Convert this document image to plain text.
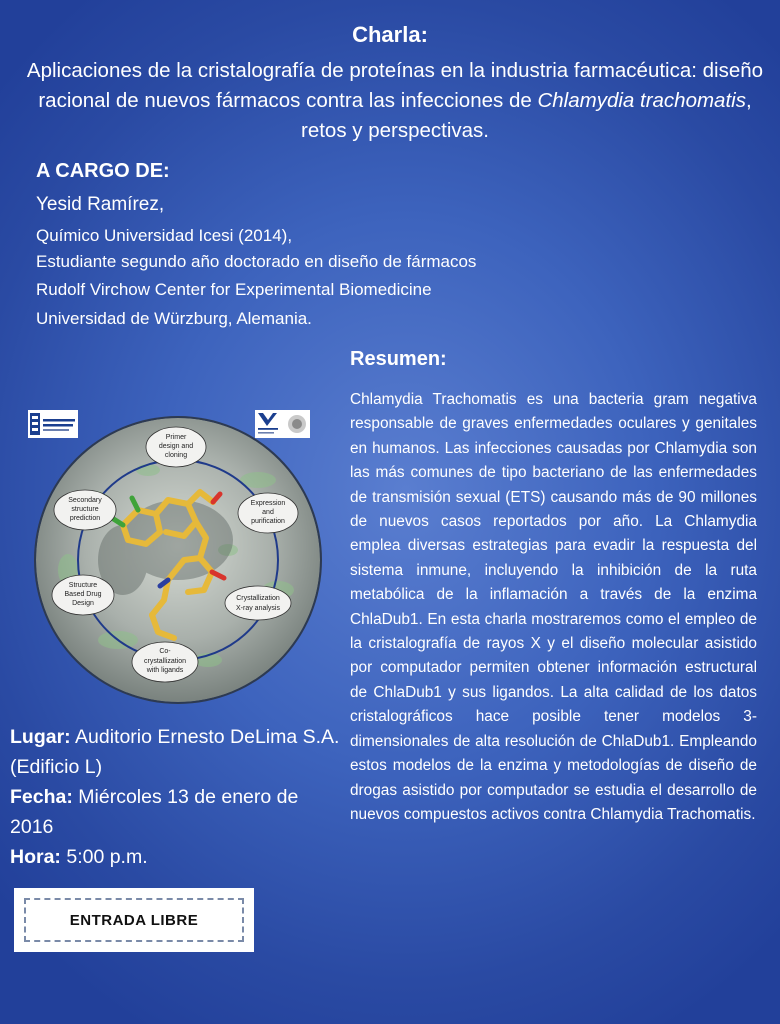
Charla:
Aplicaciones de la cristalografía de proteínas en la industria farmacéutica: diseño racional de nuevos fármacos contra las infecciones de Chlamydia trachomatis, retos y perspectivas.
A CARGO DE:
Yesid Ramírez,
Químico Universidad Icesi (2014),
Estudiante segundo año doctorado en diseño de fármacos
Rudolf Virchow Center for Experimental Biomedicine
Universidad de Würzburg, Alemania.
Resumen:
Chlamydia Trachomatis es una bacteria gram negativa responsable de graves enfermedades oculares y genitales en humanos. Las infecciones causadas por Chlamydia son las más comunes de tipo bacteriano de las enfermedades de transmisión sexual (ETS) causando más de 90 millones de nuevos casos reportados por año. La Chlamydia emplea diversas estrategias para evadir la respuesta del sistema inmune, incluyendo la inhibición de la ruta metabólica de la inflamación a través de la enzima ChlaDub1. En esta charla mostraremos como el empleo de la cristalografía de rayos X y el diseño molecular asistido por computador permiten obtener información estructural de ChlaDub1 y sus ligandos. La alta calidad de los datos cristalográficos hace posible tener modelos 3-dimensionales de alta resolución de ChlaDub1. Empleando estos modelos de la enzima y metodologías de diseño de drogas asistido por computador se estudia el desarrollo de nuevos compuestos activos contra Chlamydia Trachomatis.
Primer
design and
cloning
Expression
and
purification
Crystallization
X-ray analysis
Co-
crystallization
with ligands
Structure
Based Drug
Design
Secondary
structure
prediction
Lugar: Auditorio Ernesto DeLima S.A. (Edificio L)
Fecha: Miércoles 13 de enero de 2016
Hora: 5:00 p.m.
ENTRADA LIBRE
